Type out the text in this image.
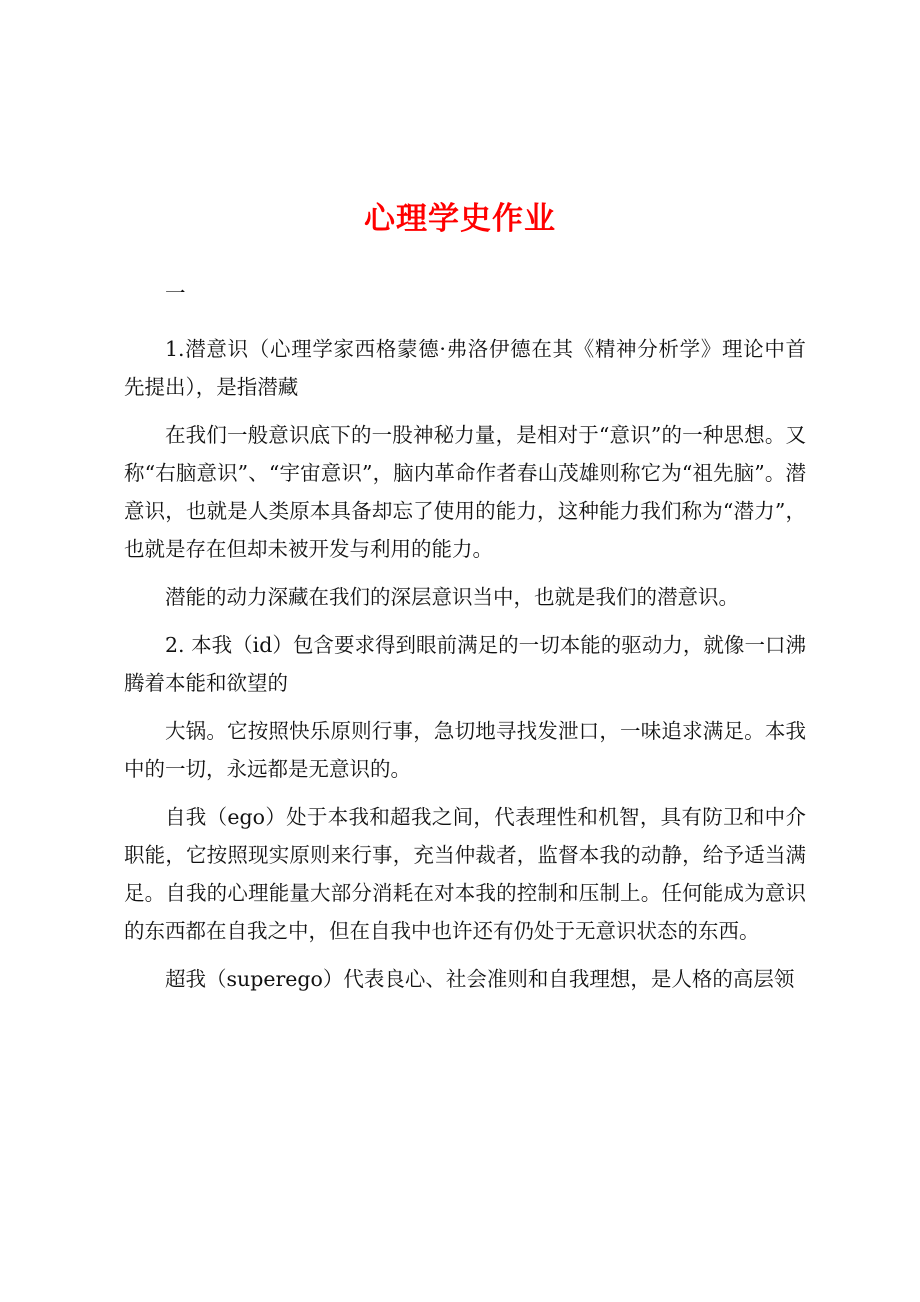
心理学史作业

一

1.潜意识（心理学家西格蒙德·弗洛伊德在其《精神分析学》理论中首先提出），是指潜藏

在我们一般意识底下的一股神秘力量，是相对于“意识”的一种思想。又称“右脑意识”、“宇宙意识”，脑内革命作者春山茂雄则称它为“祖先脑”。潜意识，也就是人类原本具备却忘了使用的能力，这种能力我们称为“潜力”，也就是存在但却未被开发与利用的能力。

潜能的动力深藏在我们的深层意识当中，也就是我们的潜意识。

2. 本我（id）包含要求得到眼前满足的一切本能的驱动力，就像一口沸腾着本能和欲望的

大锅。它按照快乐原则行事，急切地寻找发泄口，一味追求满足。本我中的一切，永远都是无意识的。

自我（ego）处于本我和超我之间，代表理性和机智，具有防卫和中介职能，它按照现实原则来行事，充当仲裁者，监督本我的动静，给予适当满足。自我的心理能量大部分消耗在对本我的控制和压制上。任何能成为意识的东西都在自我之中，但在自我中也许还有仍处于无意识状态的东西。

超我（superego）代表良心、社会准则和自我理想，是人格的高层领
